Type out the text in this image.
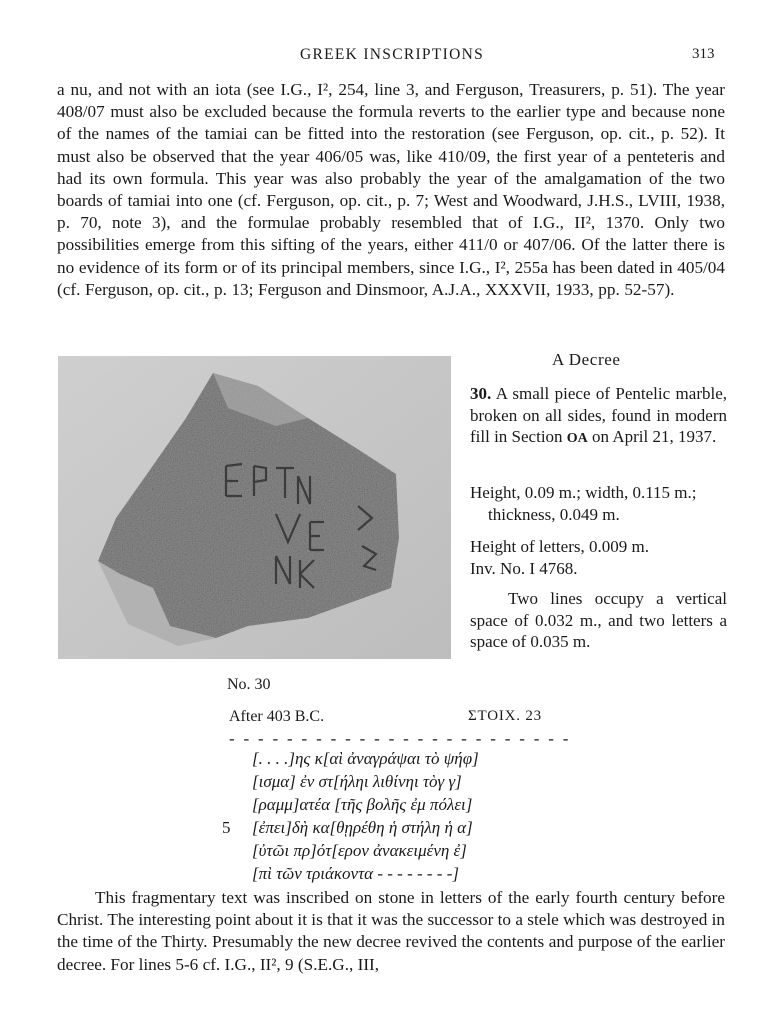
GREEK INSCRIPTIONS	313

a nu, and not with an iota (see I.G., I², 254, line 3, and Ferguson, Treasurers, p. 51). The year 408/07 must also be excluded because the formula reverts to the earlier type and because none of the names of the tamiai can be fitted into the restoration (see Ferguson, op. cit., p. 52). It must also be observed that the year 406/05 was, like 410/09, the first year of a penteteris and had its own formula. This year was also probably the year of the amalgamation of the two boards of tamiai into one (cf. Ferguson, op. cit., p. 7; West and Woodward, J.H.S., LVIII, 1938, p. 70, note 3), and the formulae probably resembled that of I.G., II², 1370. Only two possibilities emerge from this sifting of the years, either 411/0 or 407/06. Of the latter there is no evidence of its form or of its principal members, since I.G., I², 255a has been dated in 405/04 (cf. Ferguson, op. cit., p. 13; Ferguson and Dinsmoor, A.J.A., XXXVII, 1933, pp. 52-57).

A Decree

30. A small piece of Pentelic marble, broken on all sides, found in modern fill in Section OA on April 21, 1937.

Height, 0.09 m.; width, 0.115 m.;
thickness, 0.049 m.

Height of letters, 0.009 m.
Inv. No. I 4768.

Two lines occupy a vertical space of 0.032 m., and two letters a space of 0.035 m.

No. 30
After 403 B.C.	ΣΤΟΙΧ. 23
- - - - - - - - - - - - - - - - - - - - - - - -
[. . . .]ης κ[αὶ ἀναγράψαι τὸ ψήφ]
[ισμα] ἐν στ[ήληι λιθίνηι τὸγ γ]
[ραμμ]ατέα [τῆς βολῆς ἐμ πόλει]
5 [ἐπει]δὴ κα[θῃρέθη ἡ στήλη ἡ α]
[ὐτῶι πρ]ότ[ερον ἀνακειμένη ἐ]
[πὶ τῶν τριάκοντα - - - - - - - -]

This fragmentary text was inscribed on stone in letters of the early fourth century before Christ. The interesting point about it is that it was the successor to a stele which was destroyed in the time of the Thirty. Presumably the new decree revived the contents and purpose of the earlier decree. For lines 5-6 cf. I.G., II², 9 (S.E.G., III,
